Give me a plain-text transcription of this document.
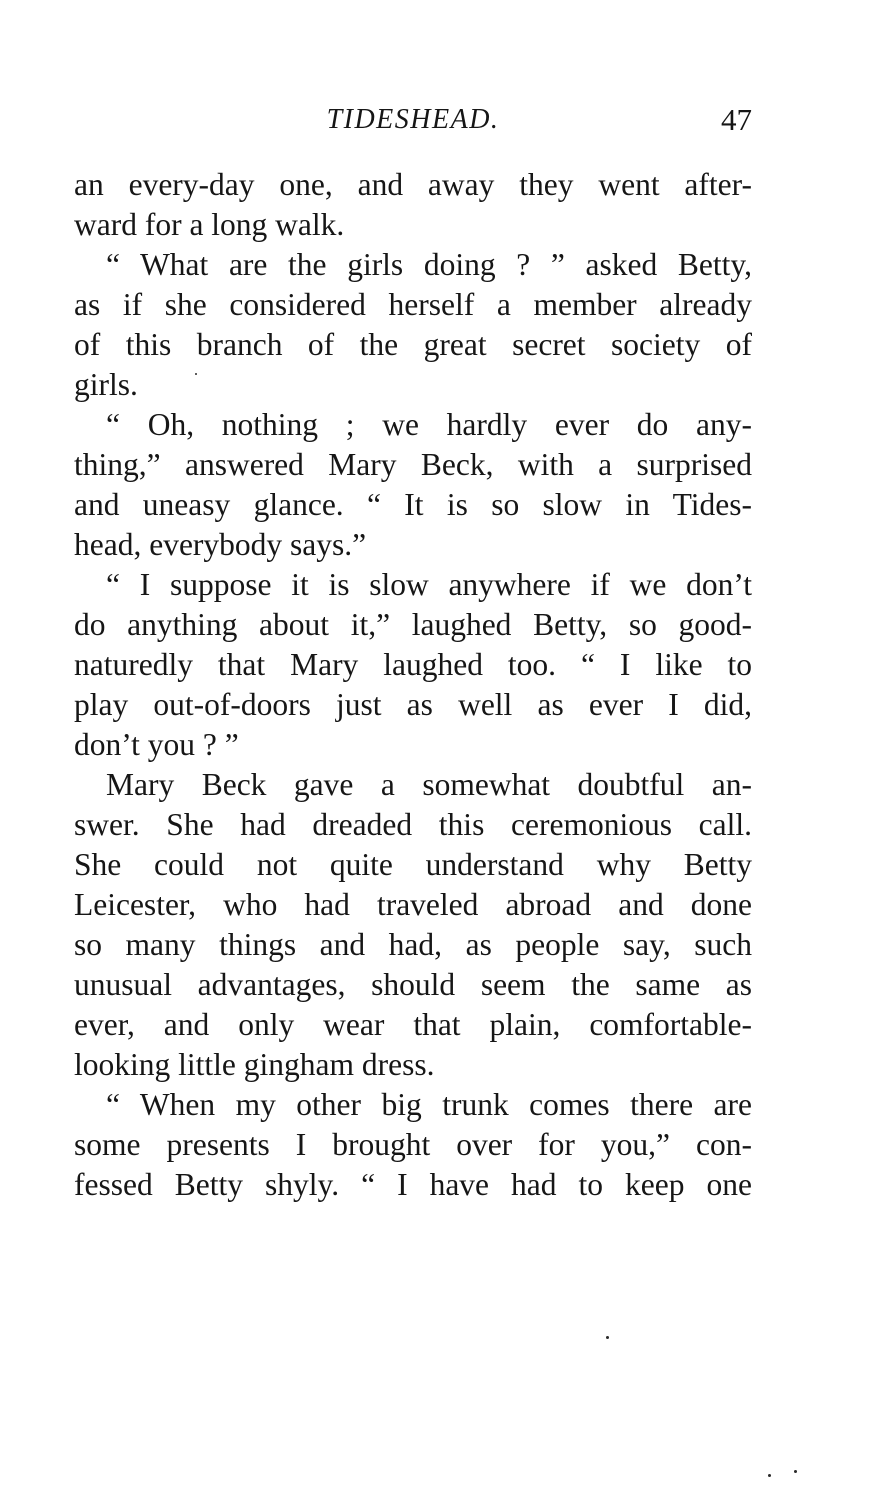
TIDESHEAD.	47
an every-day one, and away they went after-
ward for a long walk.
“ What are the girls doing ? ” asked Betty,
as if she considered herself a member already
of this branch of the great secret society of
girls.
“ Oh, nothing ; we hardly ever do any-
thing,” answered Mary Beck, with a surprised
and uneasy glance. “ It is so slow in Tides-
head, everybody says.”
“ I suppose it is slow anywhere if we don’t
do anything about it,” laughed Betty, so good-
naturedly that Mary laughed too. “ I like to
play out-of-doors just as well as ever I did,
don’t you ? ”
Mary Beck gave a somewhat doubtful an-
swer. She had dreaded this ceremonious call.
She could not quite understand why Betty
Leicester, who had traveled abroad and done
so many things and had, as people say, such
unusual advantages, should seem the same as
ever, and only wear that plain, comfortable-
looking little gingham dress.
“ When my other big trunk comes there are
some presents I brought over for you,” con-
fessed Betty shyly. “ I have had to keep one
